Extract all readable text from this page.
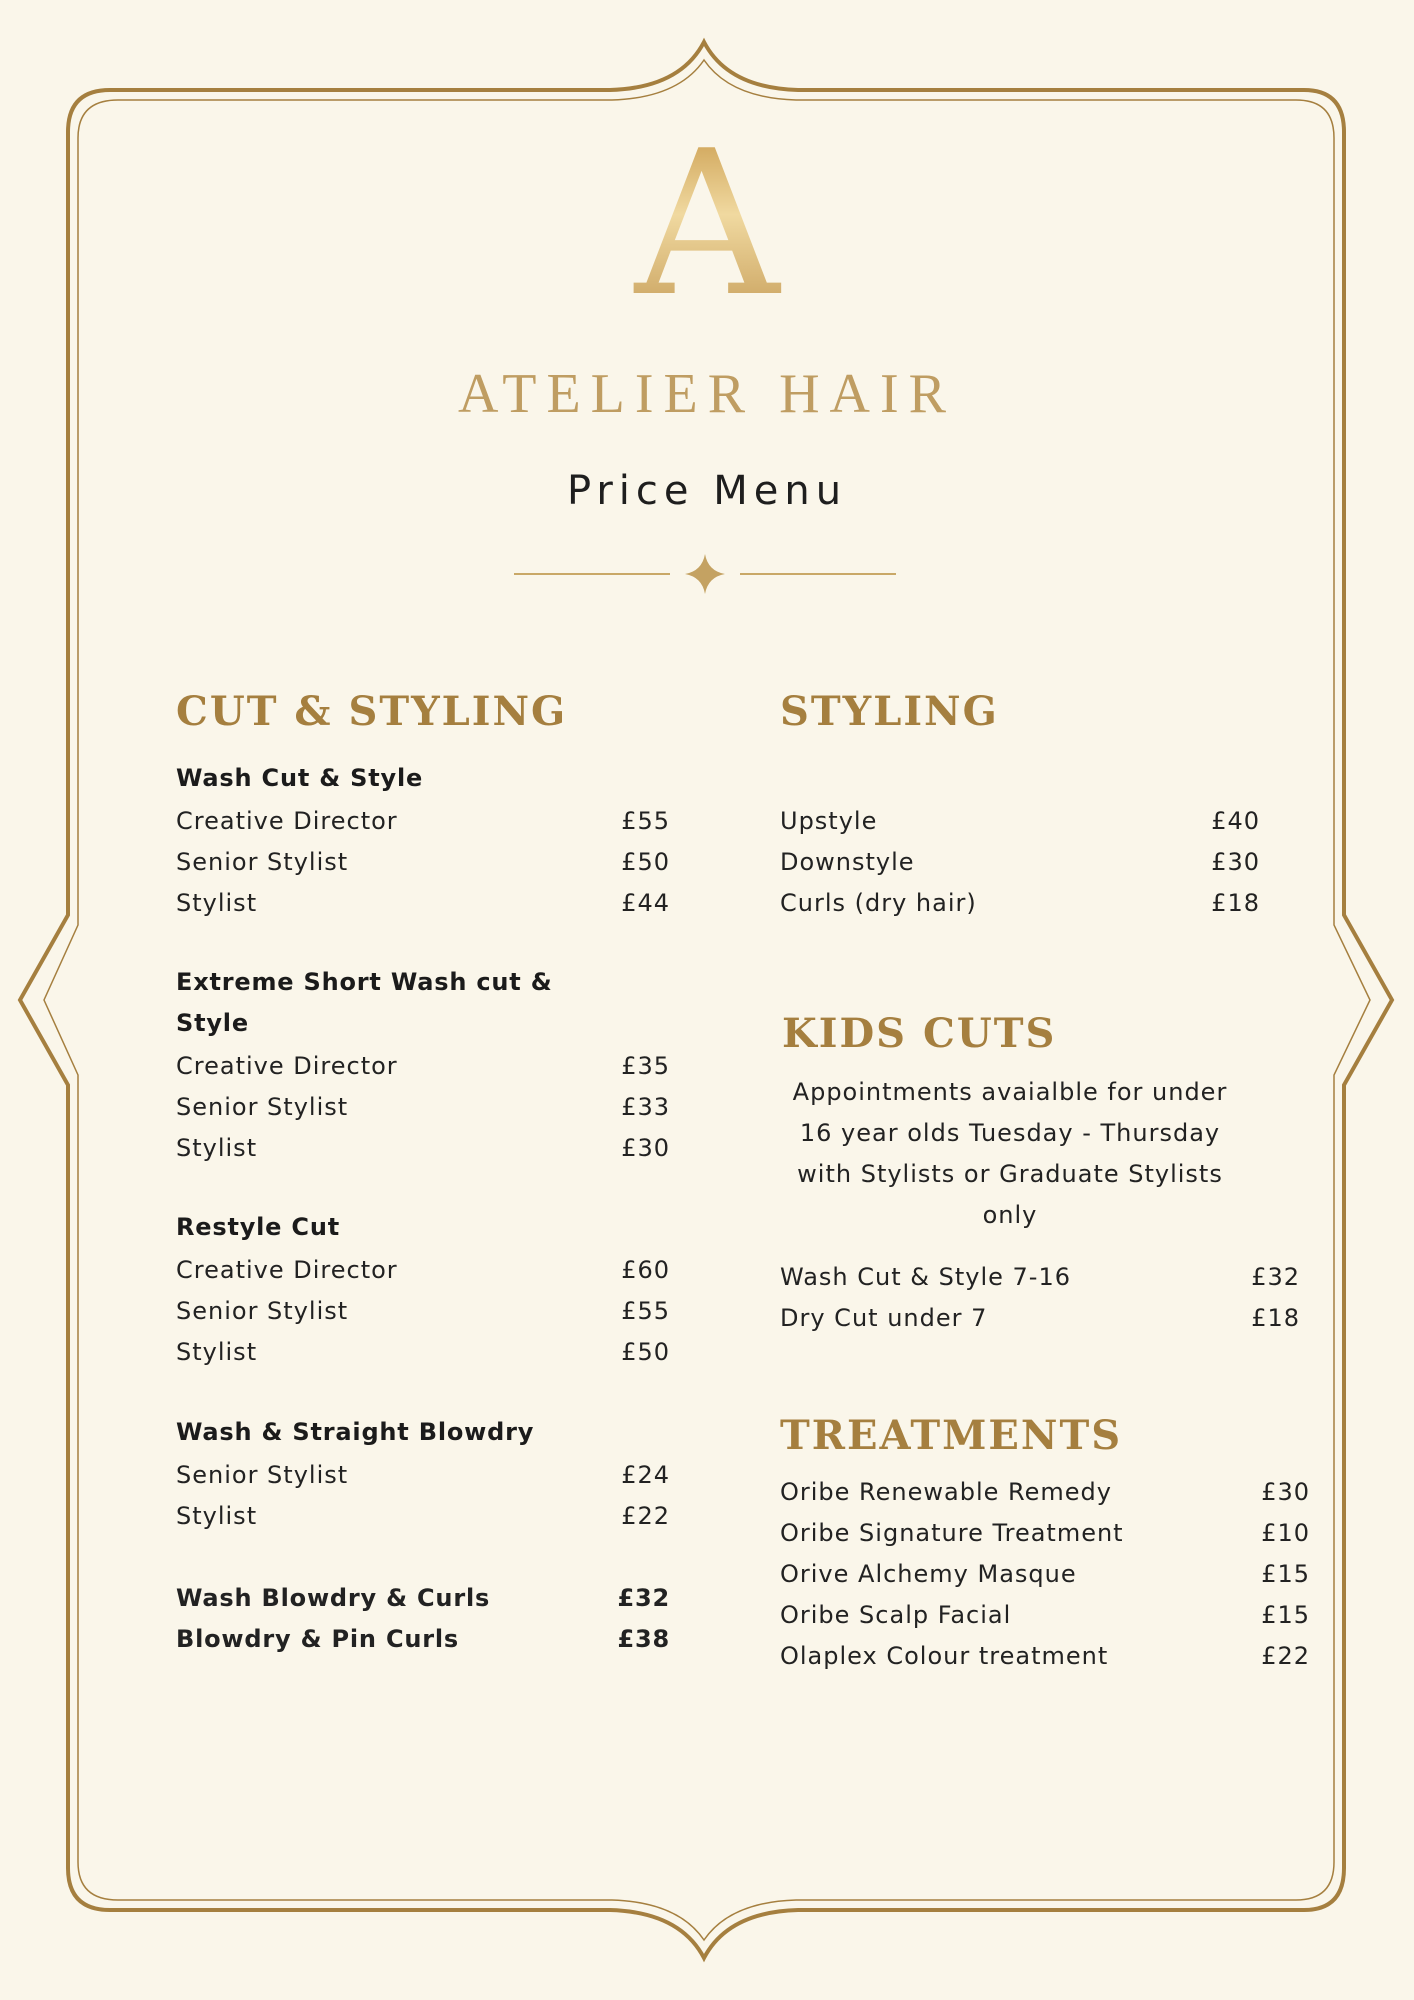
A
ATELIER HAIR
Price Menu
CUT & STYLING
Wash Cut & Style
Creative Director	£55
Senior Stylist	£50
Stylist	£44
Extreme Short Wash cut &
Style
Creative Director	£35
Senior Stylist	£33
Stylist	£30
Restyle Cut
Creative Director	£60
Senior Stylist	£55
Stylist	£50
Wash & Straight Blowdry
Senior Stylist	£24
Stylist	£22
Wash Blowdry & Curls	£32
Blowdry & Pin Curls	£38
STYLING
Upstyle	£40
Downstyle	£30
Curls (dry hair)	£18
KIDS CUTS
Appointments avaialble for under
16 year olds Tuesday - Thursday
with Stylists or Graduate Stylists
only
Wash Cut & Style 7-16	£32
Dry Cut under 7	£18
TREATMENTS
Oribe Renewable Remedy	£30
Oribe Signature Treatment	£10
Orive Alchemy Masque	£15
Oribe Scalp Facial	£15
Olaplex Colour treatment	£22
